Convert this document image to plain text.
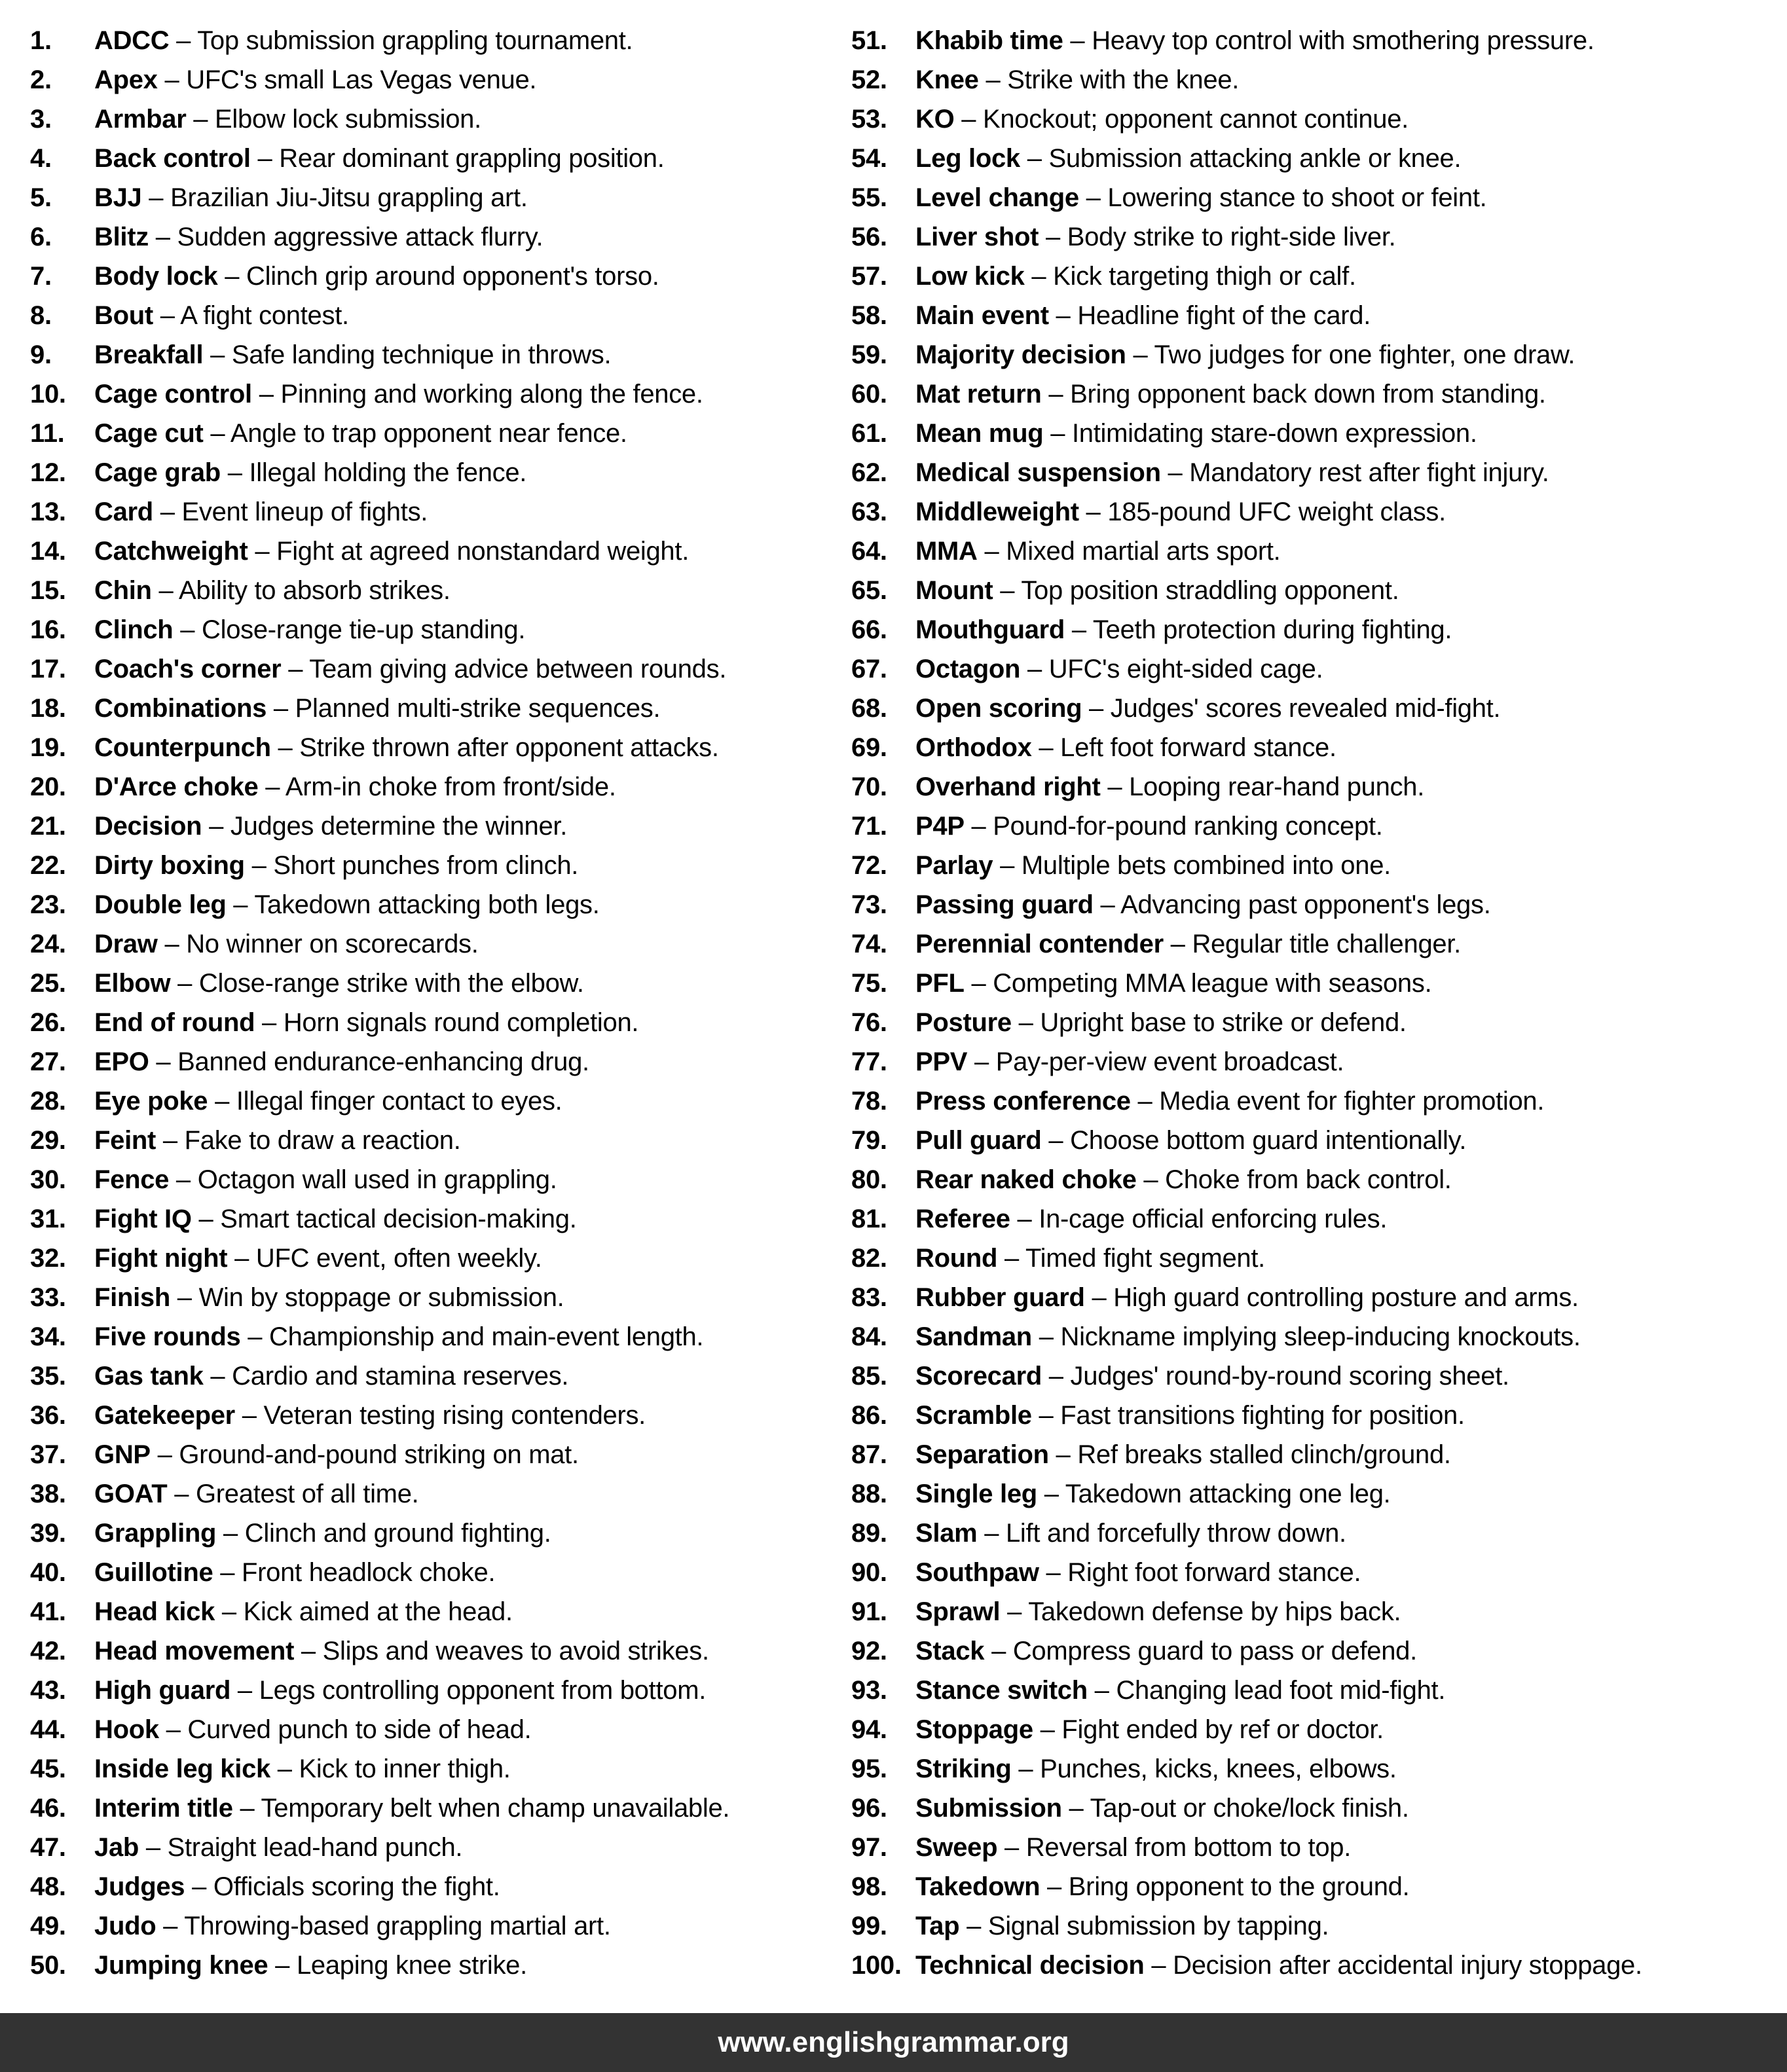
1.	ADCC – Top submission grappling tournament.
2.	Apex – UFC's small Las Vegas venue.
3.	Armbar – Elbow lock submission.
4.	Back control – Rear dominant grappling position.
5.	BJJ – Brazilian Jiu-Jitsu grappling art.
6.	Blitz – Sudden aggressive attack flurry.
7.	Body lock – Clinch grip around opponent's torso.
8.	Bout – A fight contest.
9.	Breakfall – Safe landing technique in throws.
10.	Cage control – Pinning and working along the fence.
11.	Cage cut – Angle to trap opponent near fence.
12.	Cage grab – Illegal holding the fence.
13.	Card – Event lineup of fights.
14.	Catchweight – Fight at agreed nonstandard weight.
15.	Chin – Ability to absorb strikes.
16.	Clinch – Close-range tie-up standing.
17.	Coach's corner – Team giving advice between rounds.
18.	Combinations – Planned multi-strike sequences.
19.	Counterpunch – Strike thrown after opponent attacks.
20.	D'Arce choke – Arm-in choke from front/side.
21.	Decision – Judges determine the winner.
22.	Dirty boxing – Short punches from clinch.
23.	Double leg – Takedown attacking both legs.
24.	Draw – No winner on scorecards.
25.	Elbow – Close-range strike with the elbow.
26.	End of round – Horn signals round completion.
27.	EPO – Banned endurance-enhancing drug.
28.	Eye poke – Illegal finger contact to eyes.
29.	Feint – Fake to draw a reaction.
30.	Fence – Octagon wall used in grappling.
31.	Fight IQ – Smart tactical decision-making.
32.	Fight night – UFC event, often weekly.
33.	Finish – Win by stoppage or submission.
34.	Five rounds – Championship and main-event length.
35.	Gas tank – Cardio and stamina reserves.
36.	Gatekeeper – Veteran testing rising contenders.
37.	GNP – Ground-and-pound striking on mat.
38.	GOAT – Greatest of all time.
39.	Grappling – Clinch and ground fighting.
40.	Guillotine – Front headlock choke.
41.	Head kick – Kick aimed at the head.
42.	Head movement – Slips and weaves to avoid strikes.
43.	High guard – Legs controlling opponent from bottom.
44.	Hook – Curved punch to side of head.
45.	Inside leg kick – Kick to inner thigh.
46.	Interim title – Temporary belt when champ unavailable.
47.	Jab – Straight lead-hand punch.
48.	Judges – Officials scoring the fight.
49.	Judo – Throwing-based grappling martial art.
50.	Jumping knee – Leaping knee strike.
51.	Khabib time – Heavy top control with smothering pressure.
52.	Knee – Strike with the knee.
53.	KO – Knockout; opponent cannot continue.
54.	Leg lock – Submission attacking ankle or knee.
55.	Level change – Lowering stance to shoot or feint.
56.	Liver shot – Body strike to right-side liver.
57.	Low kick – Kick targeting thigh or calf.
58.	Main event – Headline fight of the card.
59.	Majority decision – Two judges for one fighter, one draw.
60.	Mat return – Bring opponent back down from standing.
61.	Mean mug – Intimidating stare-down expression.
62.	Medical suspension – Mandatory rest after fight injury.
63.	Middleweight – 185-pound UFC weight class.
64.	MMA – Mixed martial arts sport.
65.	Mount – Top position straddling opponent.
66.	Mouthguard – Teeth protection during fighting.
67.	Octagon – UFC's eight-sided cage.
68.	Open scoring – Judges' scores revealed mid-fight.
69.	Orthodox – Left foot forward stance.
70.	Overhand right – Looping rear-hand punch.
71.	P4P – Pound-for-pound ranking concept.
72.	Parlay – Multiple bets combined into one.
73.	Passing guard – Advancing past opponent's legs.
74.	Perennial contender – Regular title challenger.
75.	PFL – Competing MMA league with seasons.
76.	Posture – Upright base to strike or defend.
77.	PPV – Pay-per-view event broadcast.
78.	Press conference – Media event for fighter promotion.
79.	Pull guard – Choose bottom guard intentionally.
80.	Rear naked choke – Choke from back control.
81.	Referee – In-cage official enforcing rules.
82.	Round – Timed fight segment.
83.	Rubber guard – High guard controlling posture and arms.
84.	Sandman – Nickname implying sleep-inducing knockouts.
85.	Scorecard – Judges' round-by-round scoring sheet.
86.	Scramble – Fast transitions fighting for position.
87.	Separation – Ref breaks stalled clinch/ground.
88.	Single leg – Takedown attacking one leg.
89.	Slam – Lift and forcefully throw down.
90.	Southpaw – Right foot forward stance.
91.	Sprawl – Takedown defense by hips back.
92.	Stack – Compress guard to pass or defend.
93.	Stance switch – Changing lead foot mid-fight.
94.	Stoppage – Fight ended by ref or doctor.
95.	Striking – Punches, kicks, knees, elbows.
96.	Submission – Tap-out or choke/lock finish.
97.	Sweep – Reversal from bottom to top.
98.	Takedown – Bring opponent to the ground.
99.	Tap – Signal submission by tapping.
100. Technical decision – Decision after accidental injury stoppage.
www.englishgrammar.org
